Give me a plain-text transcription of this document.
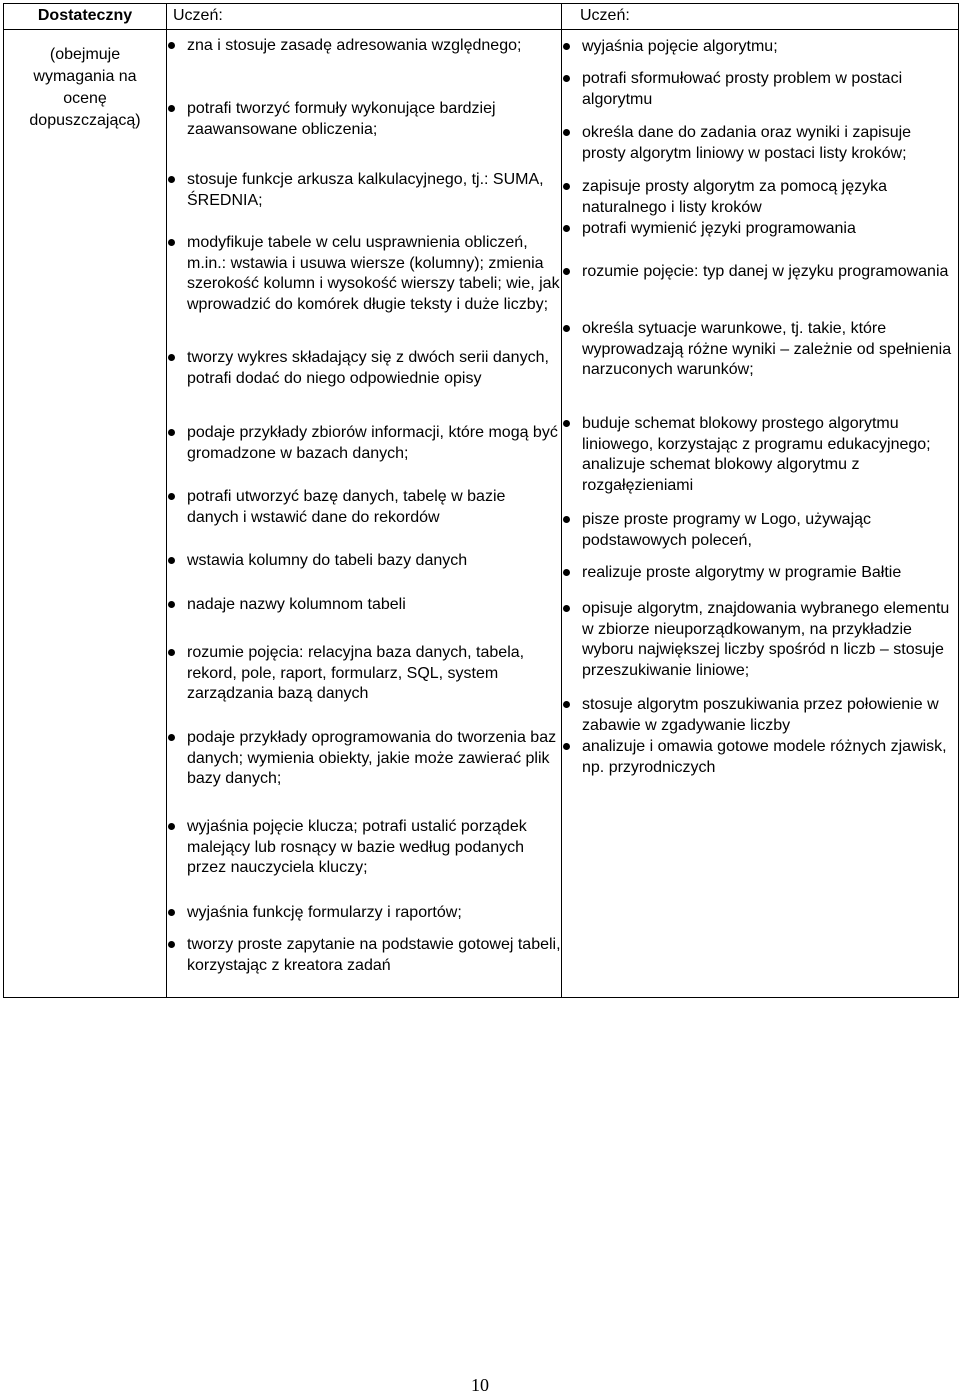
Dostateczny
(obejmuje wymagania na ocenę dopuszczającą)
Uczeń:	Uczeń:
zna i stosuje zasadę adresowania względnego;
potrafi tworzyć formuły wykonujące bardziej zaawansowane obliczenia;
stosuje funkcje arkusza kalkulacyjnego, tj.: SUMA, ŚREDNIA;
modyfikuje tabele w celu usprawnienia obliczeń, m.in.: wstawia i usuwa wiersze (kolumny); zmienia szerokość kolumn i wysokość wierszy tabeli; wie, jak wprowadzić do komórek długie teksty i duże liczby;
tworzy wykres składający się z dwóch serii danych, potrafi dodać do niego odpowiednie opisy
podaje przykłady zbiorów informacji, które mogą być gromadzone w bazach danych;
potrafi utworzyć bazę danych, tabelę w bazie danych i wstawić dane do rekordów
wstawia kolumny do tabeli bazy danych
nadaje nazwy kolumnom tabeli
rozumie pojęcia: relacyjna baza danych, tabela, rekord, pole, raport, formularz, SQL, system zarządzania bazą danych
podaje przykłady oprogramowania do tworzenia baz danych; wymienia obiekty, jakie może zawierać plik bazy danych;
wyjaśnia pojęcie klucza; potrafi ustalić porządek malejący lub rosnący w bazie według podanych przez nauczyciela kluczy;
wyjaśnia funkcję formularzy i raportów;
tworzy proste zapytanie na podstawie gotowej tabeli, korzystając z kreatora zadań
wyjaśnia pojęcie algorytmu;
potrafi sformułować prosty problem w postaci algorytmu
określa dane do zadania oraz wyniki i zapisuje prosty algorytm liniowy w postaci listy kroków;
zapisuje prosty algorytm za pomocą języka naturalnego i listy kroków
potrafi wymienić języki programowania
rozumie pojęcie: typ danej w języku programowania
określa sytuacje warunkowe, tj. takie, które wyprowadzają różne wyniki – zależnie od spełnienia narzuconych warunków;
buduje schemat blokowy prostego algorytmu liniowego, korzystając z programu edukacyjnego; analizuje schemat blokowy algorytmu z rozgałęzieniami
pisze proste programy w Logo, używając podstawowych poleceń,
realizuje proste algorytmy w programie Bałtie
opisuje algorytm, znajdowania wybranego elementu w zbiorze nieuporządkowanym, na przykładzie wyboru największej liczby spośród n liczb – stosuje przeszukiwanie liniowe;
stosuje algorytm poszukiwania przez połowienie w zabawie w zgadywanie liczby
analizuje i omawia gotowe modele różnych zjawisk, np. przyrodniczych
10
